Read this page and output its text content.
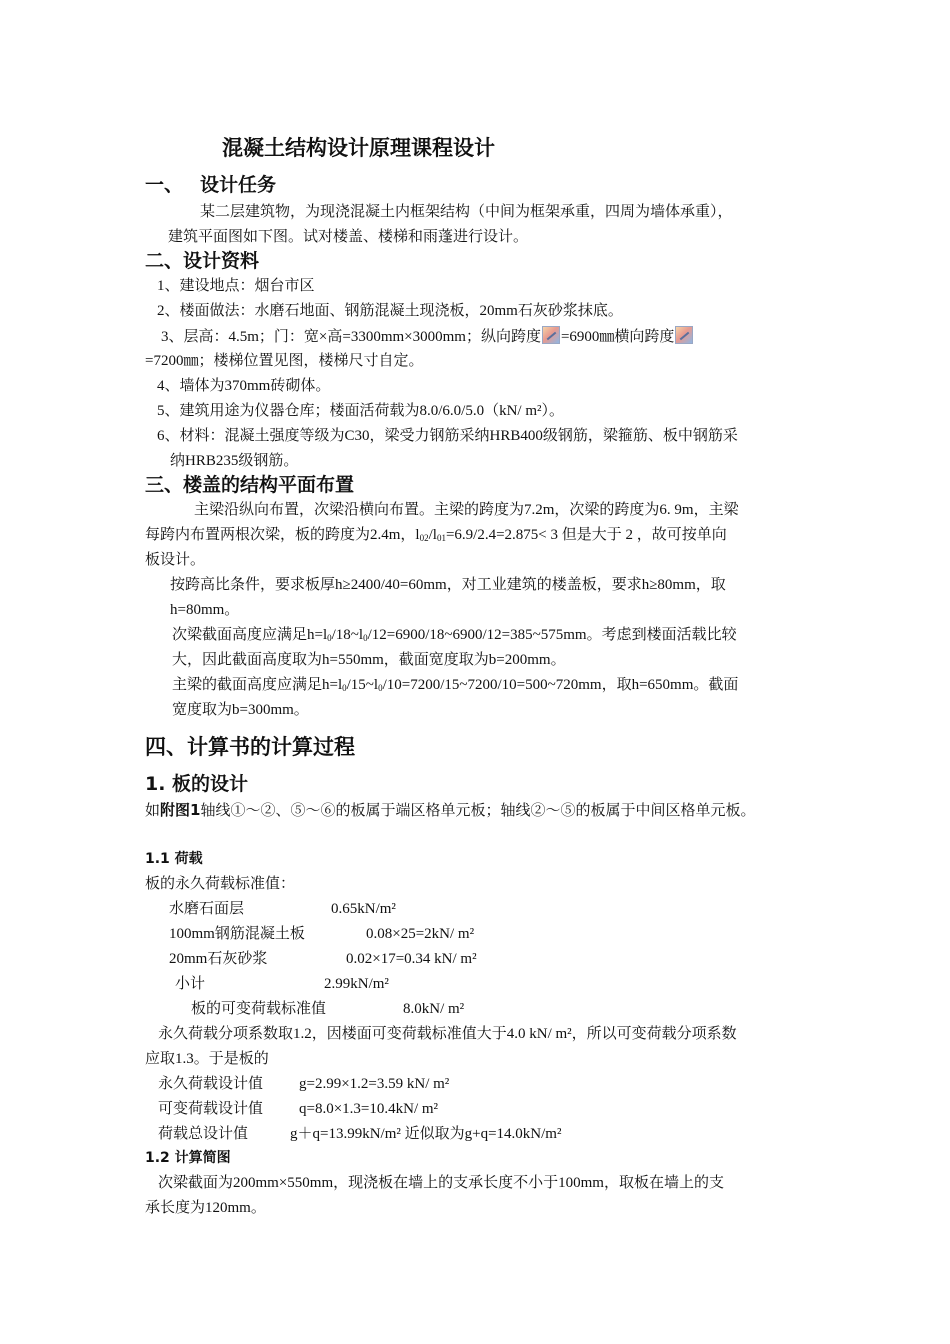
混凝土结构设计原理课程设计
一、 设计任务
某二层建筑物，为现浇混凝土内框架结构（中间为框架承重，四周为墙体承重），
建筑平面图如下图。试对楼盖、楼梯和雨蓬进行设计。
二、设计资料
1、建设地点：烟台市区
2、楼面做法：水磨石地面、钢筋混凝土现浇板，20mm石灰砂浆抹底。
3、层高：4.5m；门：宽×高=3300mm×3000mm；纵向跨度 =6900㎜横向跨度
=7200㎜；楼梯位置见图，楼梯尺寸自定。
4、墙体为370mm砖砌体。
5、建筑用途为仪器仓库；楼面活荷载为8.0/6.0/5.0（kN/ m²）。
6、材料：混凝土强度等级为C30，梁受力钢筋采纳HRB400级钢筋，梁箍筋、板中钢筋采
纳HRB235级钢筋。
三、楼盖的结构平面布置
主梁沿纵向布置，次梁沿横向布置。主梁的跨度为7.2m，次梁的跨度为6. 9m，主梁
每跨内布置两根次梁，板的跨度为2.4m，$l_{02}/l_{01}=6.9/2.4=2.875< 3$ 但是大于 2 ，故可按单向
板设计。
按跨高比条件，要求板厚h≥2400/40=60mm，对工业建筑的楼盖板，要求h≥80mm，取
h=80mm。
次梁截面高度应满足$h=l_0/18\sim l_0/12=6900/18\sim 6900/12=385\sim 575mm$。考虑到楼面活载比较
大，因此截面高度取为h=550mm，截面宽度取为b=200mm。
主梁的截面高度应满足$h=l_0/15\sim l_0/10=7200/15\sim 7200/10=500\sim 720mm$，取h=650mm。截面
宽度取为b=300mm。
四、计算书的计算过程
1. 板的设计
如附图1轴线①～②、⑤～⑥的板属于端区格单元板；轴线②～⑤的板属于中间区格单元板。
1.1 荷载
板的永久荷载标准值：
水磨石面层	0.65kN/m²
100mm钢筋混凝土板	0.08×25=2kN/ m²
20mm石灰砂浆	0.02×17=0.34 kN/ m²
小计	2.99kN/m²
板的可变荷载标准值	8.0kN/ m²
永久荷载分项系数取1.2，因楼面可变荷载标准值大于4.0 kN/ m²，所以可变荷载分项系数
应取1.3。于是板的
永久荷载设计值 g=2.99×1.2=3.59 kN/ m²
可变荷载设计值 q=8.0×1.3=10.4kN/ m²
荷载总设计值	g＋q=13.99kN/m² 近似取为g+q=14.0kN/m²
1.2 计算简图
次梁截面为200mm×550mm，现浇板在墙上的支承长度不小于100mm，取板在墙上的支
承长度为120mm。
